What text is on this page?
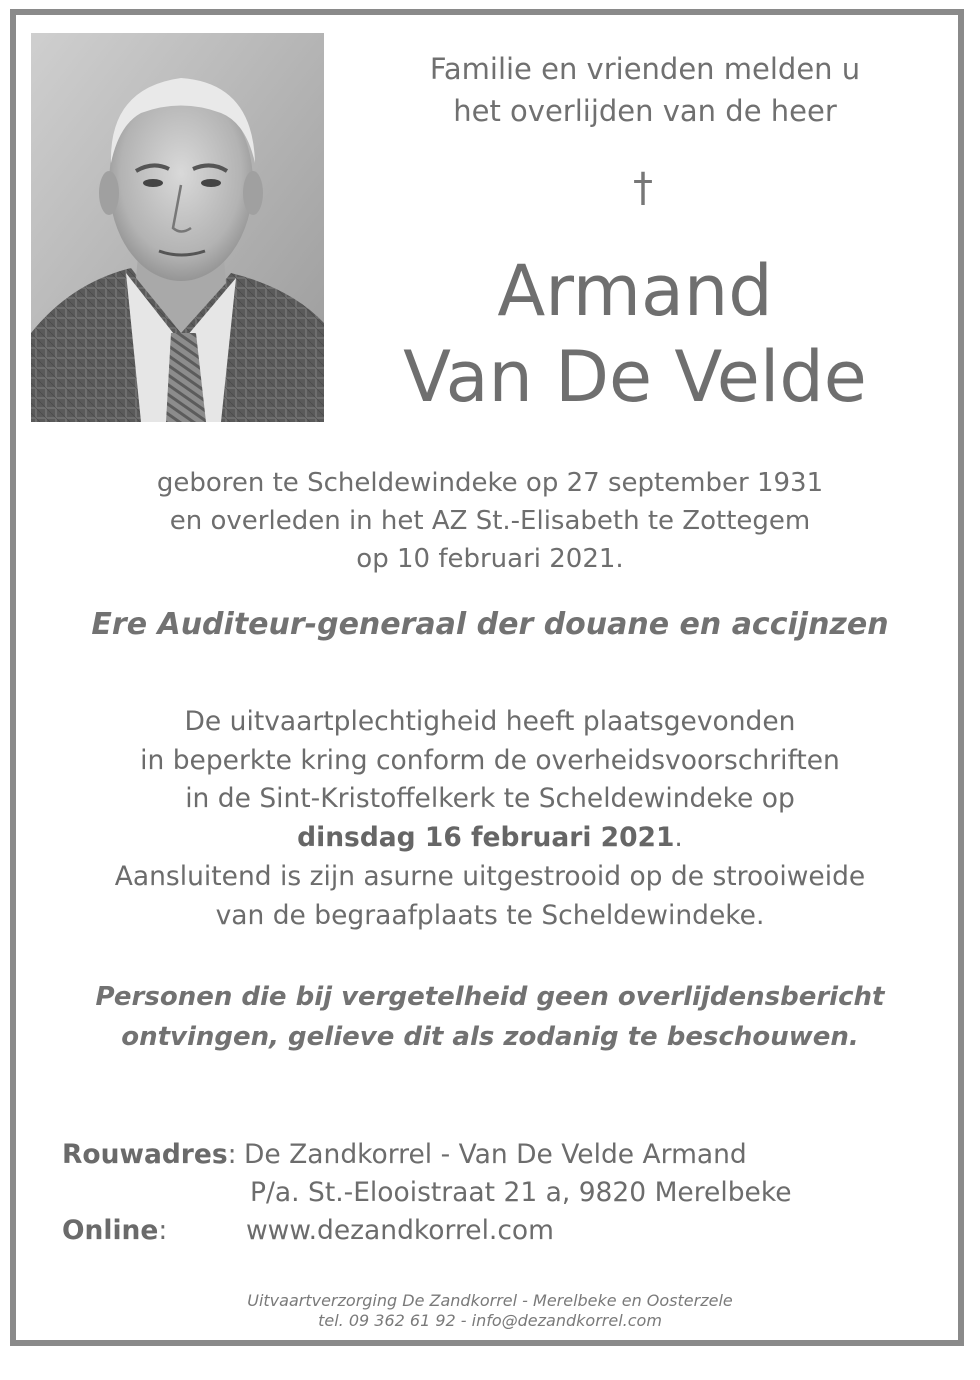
Familie en vrienden melden u
het overlijden van de heer
†
Armand
Van De Velde
geboren te Scheldewindeke op 27 september 1931
en overleden in het AZ St.-Elisabeth te Zottegem
op 10 februari 2021.
Ere Auditeur-generaal der douane en accijnzen
De uitvaartplechtigheid heeft plaatsgevonden
in beperkte kring conform de overheidsvoorschriften
in de Sint-Kristoffelkerk te Scheldewindeke op
dinsdag 16 februari 2021.
Aansluitend is zijn asurne uitgestrooid op de strooiweide
van de begraafplaats te Scheldewindeke.
Personen die bij vergetelheid geen overlijdensbericht
ontvingen, gelieve dit als zodanig te beschouwen.
Rouwadres: De Zandkorrel - Van De Velde Armand
P/a. St.-Elooistraat 21 a, 9820 Merelbeke
Online:	www.dezandkorrel.com
Uitvaartverzorging De Zandkorrel - Merelbeke en Oosterzele
tel. 09 362 61 92 - info@dezandkorrel.com
